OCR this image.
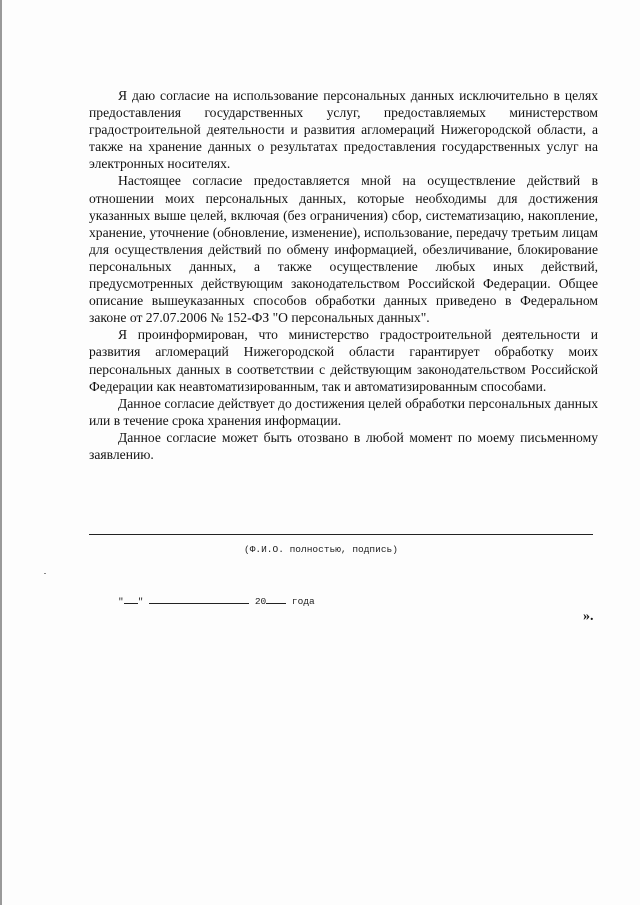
Я даю согласие на использование персональных данных исключительно в целях предоставления государственных услуг, предоставляемых министерством градостроительной деятельности и развития агломераций Нижегородской области, а также на хранение данных о результатах предоставления государственных услуг на электронных носителях.

Настоящее согласие предоставляется мной на осуществление действий в отношении моих персональных данных, которые необходимы для достижения указанных выше целей, включая (без ограничения) сбор, систематизацию, накопление, хранение, уточнение (обновление, изменение), использование, передачу третьим лицам для осуществления действий по обмену информацией, обезличивание, блокирование персональных данных, а также осуществление любых иных действий, предусмотренных действующим законодательством Российской Федерации. Общее описание вышеуказанных способов обработки данных приведено в Федеральном законе от 27.07.2006 № 152-ФЗ "О персональных данных".

Я проинформирован, что министерство градостроительной деятельности и развития агломераций Нижегородской области гарантирует обработку моих персональных данных в соответствии с действующим законодательством Российской Федерации как неавтоматизированным, так и автоматизированным способами.

Данное согласие действует до достижения целей обработки персональных данных или в течение срока хранения информации.

Данное согласие может быть отозвано в любой момент по моему письменному заявлению.

(Ф.И.О. полностью, подпись)
" "	20	года
».
